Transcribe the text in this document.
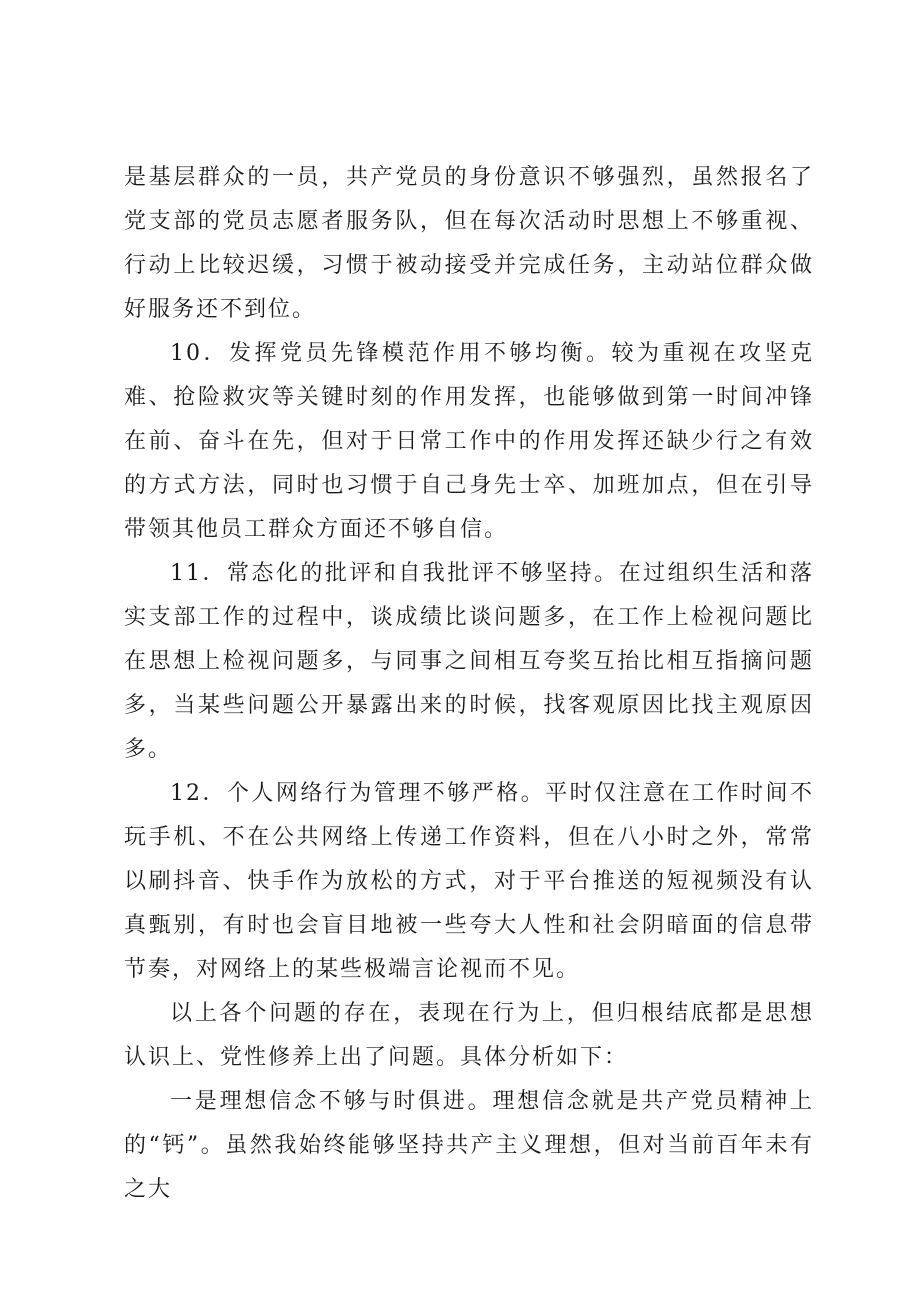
是基层群众的一员，共产党员的身份意识不够强烈，虽然报名了党支部的党员志愿者服务队，但在每次活动时思想上不够重视、行动上比较迟缓，习惯于被动接受并完成任务，主动站位群众做好服务还不到位。

10．发挥党员先锋模范作用不够均衡。较为重视在攻坚克难、抢险救灾等关键时刻的作用发挥，也能够做到第一时间冲锋在前、奋斗在先，但对于日常工作中的作用发挥还缺少行之有效的方式方法，同时也习惯于自己身先士卒、加班加点，但在引导带领其他员工群众方面还不够自信。

11．常态化的批评和自我批评不够坚持。在过组织生活和落实支部工作的过程中，谈成绩比谈问题多，在工作上检视问题比在思想上检视问题多，与同事之间相互夸奖互抬比相互指摘问题多，当某些问题公开暴露出来的时候，找客观原因比找主观原因多。

12．个人网络行为管理不够严格。平时仅注意在工作时间不玩手机、不在公共网络上传递工作资料，但在八小时之外，常常以刷抖音、快手作为放松的方式，对于平台推送的短视频没有认真甄别，有时也会盲目地被一些夸大人性和社会阴暗面的信息带节奏，对网络上的某些极端言论视而不见。

以上各个问题的存在，表现在行为上，但归根结底都是思想认识上、党性修养上出了问题。具体分析如下：

一是理想信念不够与时俱进。理想信念就是共产党员精神上的“钙”。虽然我始终能够坚持共产主义理想，但对当前百年未有之大
